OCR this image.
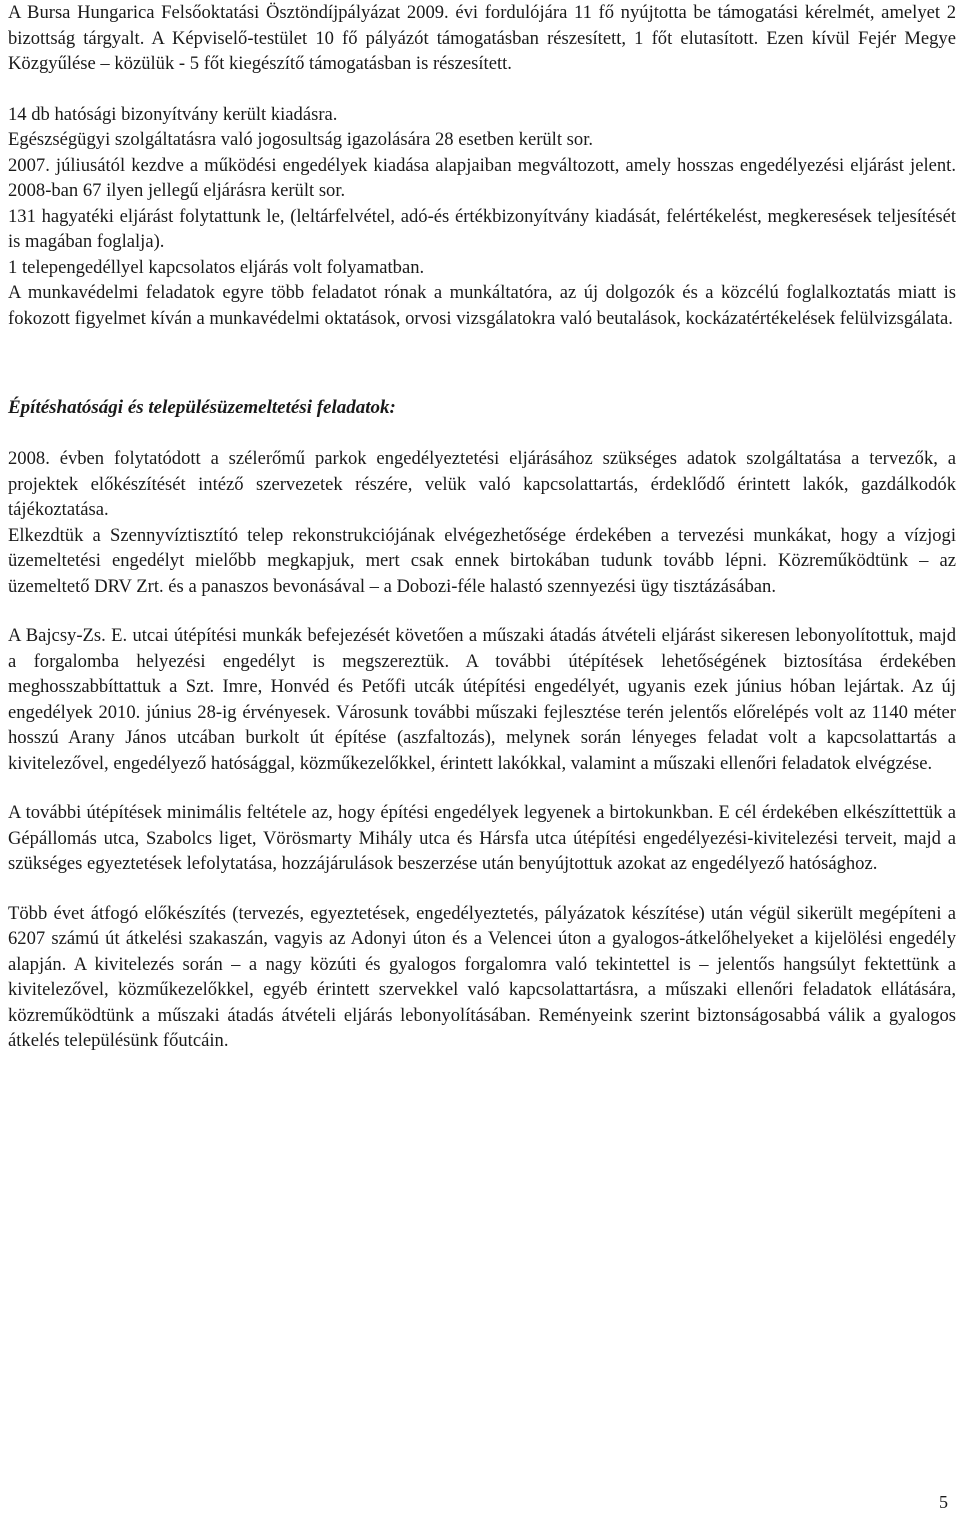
A Bursa Hungarica Felsőoktatási Ösztöndíjpályázat 2009. évi fordulójára 11 fő nyújtotta be támogatási kérelmét, amelyet 2 bizottság tárgyalt. A Képviselő-testület 10 fő pályázót támogatásban részesített, 1 főt elutasított. Ezen kívül Fejér Megye Közgyűlése – közülük - 5 főt kiegészítő támogatásban is részesített.

14 db hatósági bizonyítvány került kiadásra.

Egészségügyi szolgáltatásra való jogosultság igazolására 28 esetben került sor.

2007. júliusától kezdve a működési engedélyek kiadása alapjaiban megváltozott, amely hosszas engedélyezési eljárást jelent. 2008-ban 67 ilyen jellegű eljárásra került sor.

131 hagyatéki eljárást folytattunk le, (leltárfelvétel, adó-és értékbizonyítvány kiadását, felértékelést, megkeresések teljesítését is magában foglalja).

1 telepengedéllyel kapcsolatos eljárás volt folyamatban.

A munkavédelmi feladatok egyre több feladatot rónak a munkáltatóra, az új dolgozók és a közcélú foglalkoztatás miatt is fokozott figyelmet kíván a munkavédelmi oktatások, orvosi vizsgálatokra való beutalások, kockázatértékelések felülvizsgálata.

Építéshatósági és településüzemeltetési feladatok:

2008. évben folytatódott a szélerőmű parkok engedélyeztetési eljárásához szükséges adatok szolgáltatása a tervezők, a projektek előkészítését intéző szervezetek részére, velük való kapcsolattartás, érdeklődő érintett lakók, gazdálkodók tájékoztatása.

Elkezdtük a Szennyvíztisztító telep rekonstrukciójának elvégezhetősége érdekében a tervezési munkákat, hogy a vízjogi üzemeltetési engedélyt mielőbb megkapjuk, mert csak ennek birtokában tudunk tovább lépni. Közreműködtünk – az üzemeltető DRV Zrt. és a panaszos bevonásával – a Dobozi-féle halastó szennyezési ügy tisztázásában.

A Bajcsy-Zs. E. utcai útépítési munkák befejezését követően a műszaki átadás átvételi eljárást sikeresen lebonyolítottuk, majd a forgalomba helyezési engedélyt is megszereztük. A további útépítések lehetőségének biztosítása érdekében meghosszabbíttattuk a Szt. Imre, Honvéd és Petőfi utcák útépítési engedélyét, ugyanis ezek június hóban lejártak. Az új engedélyek 2010. június 28-ig érvényesek. Városunk további műszaki fejlesztése terén jelentős előrelépés volt az 1140 méter hosszú Arany János utcában burkolt út építése (aszfaltozás), melynek során lényeges feladat volt a kapcsolattartás a kivitelezővel, engedélyező hatósággal, közműkezelőkkel, érintett lakókkal, valamint a műszaki ellenőri feladatok elvégzése.

A további útépítések minimális feltétele az, hogy építési engedélyek legyenek a birtokunkban. E cél érdekében elkészíttettük a Gépállomás utca, Szabolcs liget, Vörösmarty Mihály utca és Hársfa utca útépítési engedélyezési-kivitelezési terveit, majd a szükséges egyeztetések lefolytatása, hozzájárulások beszerzése után benyújtottuk azokat az engedélyező hatósághoz.

Több évet átfogó előkészítés (tervezés, egyeztetések, engedélyeztetés, pályázatok készítése) után végül sikerült megépíteni a 6207 számú út átkelési szakaszán, vagyis az Adonyi úton és a Velencei úton a gyalogos-átkelőhelyeket a kijelölési engedély alapján. A kivitelezés során – a nagy közúti és gyalogos forgalomra való tekintettel is – jelentős hangsúlyt fektettünk a kivitelezővel, közműkezelőkkel, egyéb érintett szervekkel való kapcsolattartásra, a műszaki ellenőri feladatok ellátására, közreműködtünk a műszaki átadás átvételi eljárás lebonyolításában. Reményeink szerint biztonságosabbá válik a gyalogos átkelés településünk főutcáin.

5
